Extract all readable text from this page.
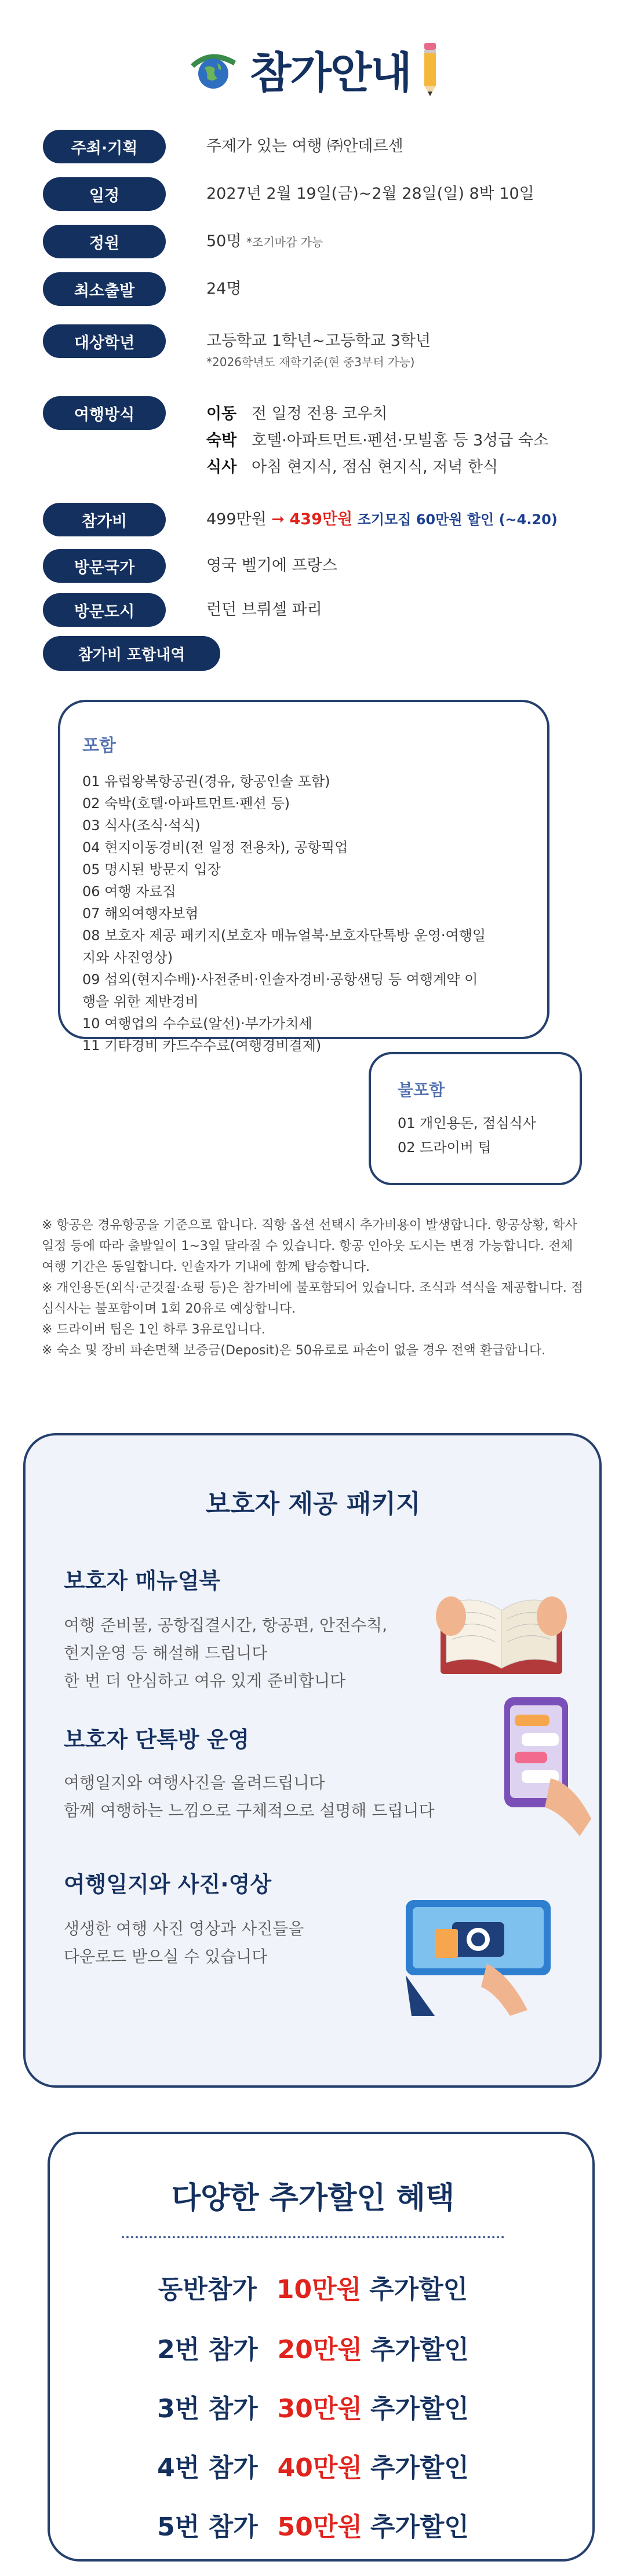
참가안내
주최·기획	주제가 있는 여행 ㈜안데르센
일정	2027년 2월 19일(금)~2월 28일(일) 8박 10일
정원	50명 *조기마감 가능
최소출발	24명
대상학년	고등학교 1학년~고등학교 3학년
*2026학년도 재학기준(현 중3부터 가능)
여행방식	이동 전 일정 전용 코우치
숙박 호텔·아파트먼트·펜션·모빌홈 등 3성급 숙소
식사 아침 현지식, 점심 현지식, 저녁 한식
참가비	499만원 ➞ 439만원 조기모집 60만원 할인 (~4.20)
방문국가	영국 벨기에 프랑스
방문도시	런던 브뤼셀 파리
참가비 포함내역
포함
01 유럽왕복항공권(경유, 항공인솔 포함)
02 숙박(호텔·아파트먼트·펜션 등)
03 식사(조식·석식)
04 현지이동경비(전 일정 전용차), 공항픽업
05 명시된 방문지 입장
06 여행 자료집
07 해외여행자보험
08 보호자 제공 패키지(보호자 매뉴얼북·보호자단톡방 운영·여행일지와 사진영상)
09 섭외(현지수배)·사전준비·인솔자경비·공항샌딩 등 여행계약 이행을 위한 제반경비
10 여행업의 수수료(알선)·부가가치세
11 기타경비 카드수수료(여행경비결제)
불포함
01 개인용돈, 점심식사
02 드라이버 팁
※ 항공은 경유항공을 기준으로 합니다. 직항 옵션 선택시 추가비용이 발생합니다. 항공상황, 학사일정 등에 따라 출발일이 1~3일 달라질 수 있습니다. 항공 인아웃 도시는 변경 가능합니다. 전체 여행 기간은 동일합니다. 인솔자가 기내에 함께 탑승합니다.
※ 개인용돈(외식·군것질·쇼핑 등)은 참가비에 불포함되어 있습니다. 조식과 석식을 제공합니다. 점심식사는 불포함이며 1회 20유로 예상합니다.
※ 드라이버 팁은 1인 하루 3유로입니다.
※ 숙소 및 장비 파손면책 보증금(Deposit)은 50유로로 파손이 없을 경우 전액 환급합니다.
보호자 제공 패키지
보호자 매뉴얼북

여행 준비물, 공항집결시간, 항공편, 안전수칙,
현지운영 등 해설해 드립니다
한 번 더 안심하고 여유 있게 준비합니다

보호자 단톡방 운영

여행일지와 여행사진을 올려드립니다
함께 여행하는 느낌으로 구체적으로 설명해 드립니다

여행일지와 사진·영상

생생한 여행 사진 영상과 사진들을
다운로드 받으실 수 있습니다

다양한 추가할인 혜택
동반참가 10만원 추가할인
2번 참가 20만원 추가할인
3번 참가 30만원 추가할인
4번 참가 40만원 추가할인
5번 참가 50만원 추가할인
